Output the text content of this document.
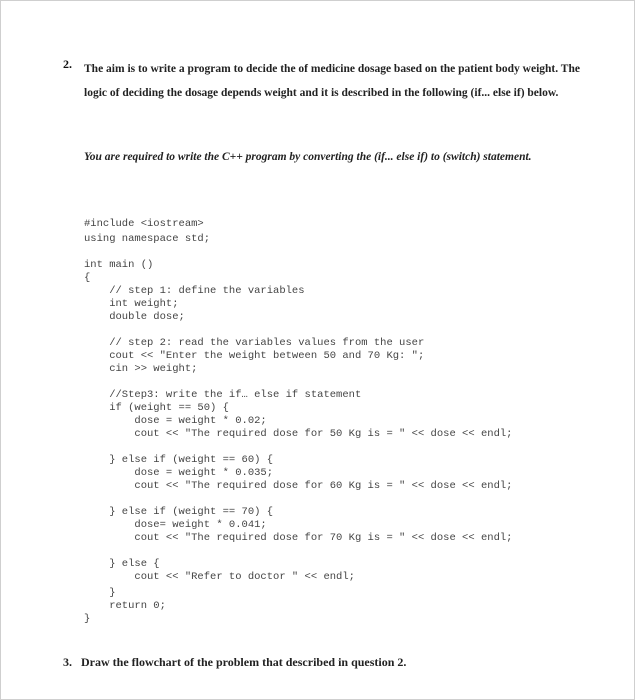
2. The aim is to write a program to decide the of medicine dosage based on the patient body weight. The logic of deciding the dosage depends weight and it is described in the following (if... else if) below.
You are required to write the C++ program by converting the (if... else if) to (switch) statement.
#include <iostream>
using namespace std;
int main ()
{
// step 1: define the variables
int weight;
double dose;
// step 2: read the variables values from the user
cout << "Enter the weight between 50 and 70 Kg: ";
cin >> weight;
//Step3: write the if… else if statement
if (weight == 50) {
dose = weight * 0.02;
cout << "The required dose for 50 Kg is = " << dose << endl;
} else if (weight == 60) {
dose = weight * 0.035;
cout << "The required dose for 60 Kg is = " << dose << endl;
} else if (weight == 70) {
dose= weight * 0.041;
cout << "The required dose for 70 Kg is = " << dose << endl;
} else {
cout << "Refer to doctor " << endl;
}
return 0;
}
3. Draw the flowchart of the problem that described in question 2.
